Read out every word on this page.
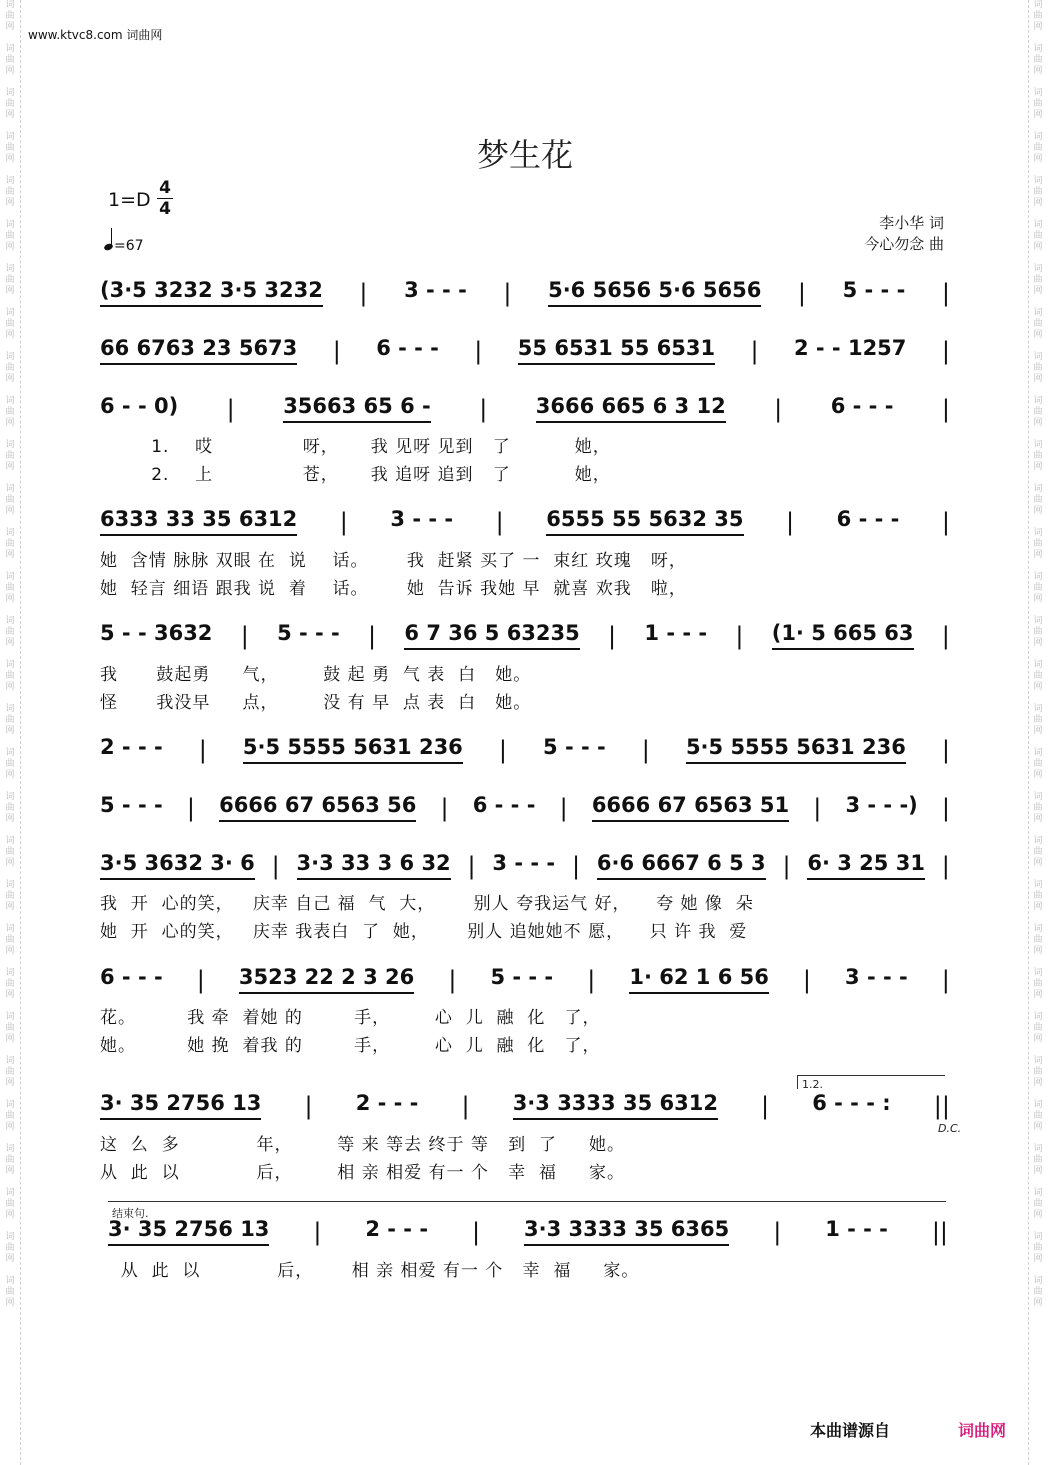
词
曲
网

词
曲
网

词
曲
网

词
曲
网

词
曲
网

词
曲
网

词
曲
网

词
曲
网

词
曲
网

词
曲
网

词
曲
网

词
曲
网

词
曲
网

词
曲
网

词
曲
网

词
曲
网

词
曲
网

词
曲
网

词
曲
网

词
曲
网

词
曲
网

词
曲
网

词
曲
网

词
曲
网

词
曲
网

词
曲
网

词
曲
网

词
曲
网

词
曲
网

词
曲
网

词
曲
网

词
曲
网

词
曲
网

词
曲
网

词
曲
网

词
曲
网

词
曲
网

词
曲
网

词
曲
网

词
曲
网

词
曲
网

词
曲
网

词
曲
网

词
曲
网

词
曲
网

词
曲
网

词
曲
网

词
曲
网

词
曲
网

词
曲
网

词
曲
网

词
曲
网

词
曲
网

词
曲
网

词
曲
网

词
曲
网

词
曲
网

词
曲
网

词
曲
网

词
曲
网

www.ktvc8.com 词曲网
梦生花
1=D
4
4
=67
李小华 词
今心勿念 曲
(3·5 3232 3·5 3232 | 3 - - - | 5·6 5656 5·6 5656 | 5 - - - |
1.    哎              呀，     我 见呀 见到   了          她，
2.    上              苍，     我 追呀 追到   了          她，
66 6763 23 5673 | 6 - - - | 55 6531 55 6531 | 2 - - 1257 |
6 - - 0) | 35663 65 6 - | 3666 665 6 3 12 | 6 - - - |
6333 33 35 6312 | 3 - - - | 6555 55 5632 35 | 6 - - - |
她  含情 脉脉 双眼 在  说    话。      我  赶紧 买了 一  束红 玫瑰   呀，
她  轻言 细语 跟我 说  着    话。      她  告诉 我她 早  就喜 欢我   啦，
5 - - 3632 | 5 - - - | 6 7 36 5 63235 | 1 - - - | (1· 5 665 63 |
我      鼓起勇     气，       鼓 起 勇  气 表  白   她。
怪      我没早     点，       没 有 早  点 表  白   她。
2 - - - | 5·5 5555 5631 236 | 5 - - - | 5·5 5555 5631 236 |
5 - - - | 6666 67 6563 56 | 6 - - - | 6666 67 6563 51 | 3 - - -) |
3·5 3632 3· 6 | 3·3 33 3 6 32 | 3 - - - | 6·6 6667 6 5 3 | 6· 3 25 31 |
我  开  心的笑，   庆幸 自己 福  气  大，      别人 夸我运气 好，    夸 她 像  朵
她  开  心的笑，   庆幸 我表白  了  她，      别人 追她她不 愿，    只 许 我  爱
6 - - - | 3523 22 2 3 26 | 5 - - - | 1· 62 1 6 56 | 3 - - - |
花。        我 牵  着她 的        手，       心  儿  融  化   了，
她。        她 挽  着我 的        手，       心  儿  融  化   了，
3· 35 2756 13 | 2 - - - | 3·3 3333 35 6312 | 6 - - - : ||
这  么  多            年，       等 来 等去 终于 等   到  了     她。
从  此  以            后，       相 亲 相爱 有一 个   幸  福     家。
3· 35 2756 13 | 2 - - - | 3·3 3333 35 6365 | 1 - - - ||
从  此  以            后，      相 亲 相爱 有一 个   幸  福     家。
1.2.
D.C.
结束句.
本曲谱源自	词曲网
